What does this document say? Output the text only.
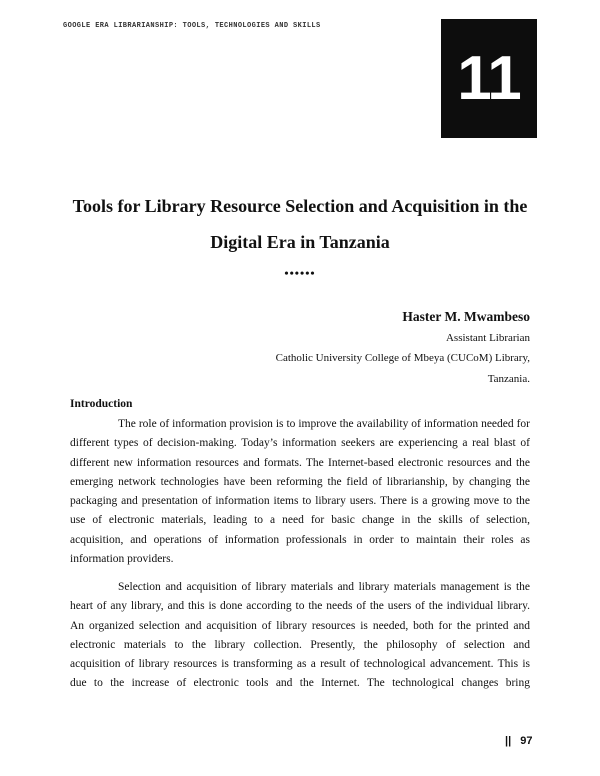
GOOGLE ERA LIBRARIANSHIP: TOOLS, TECHNOLOGIES AND SKILLS
11
Tools for Library Resource Selection and Acquisition in the
Digital Era in Tanzania
••••••
Haster M. Mwambeso
Assistant Librarian
Catholic University College of Mbeya (CUCoM) Library,
Tanzania.
Introduction
The role of information provision is to improve the availability of information needed for
different types of decision-making. Today’s information seekers are experiencing a real blast of
different new information resources and formats. The Internet-based electronic resources and the
emerging network technologies have been reforming the field of librarianship, by changing the
packaging and presentation of information items to library users. There is a growing move to the
use of electronic materials, leading to a need for basic change in the skills of selection,
acquisition, and operations of information professionals in order to maintain their roles as
information providers.
Selection and acquisition of library materials and library materials management is the
heart of any library, and this is done according to the needs of the users of the individual library.
An organized selection and acquisition of library resources is needed, both for the printed and
electronic materials to the library collection. Presently, the philosophy of selection and
acquisition of library resources is transforming as a result of technological advancement. This is
due to the increase of electronic tools and the Internet. The technological changes bring
|| 97
